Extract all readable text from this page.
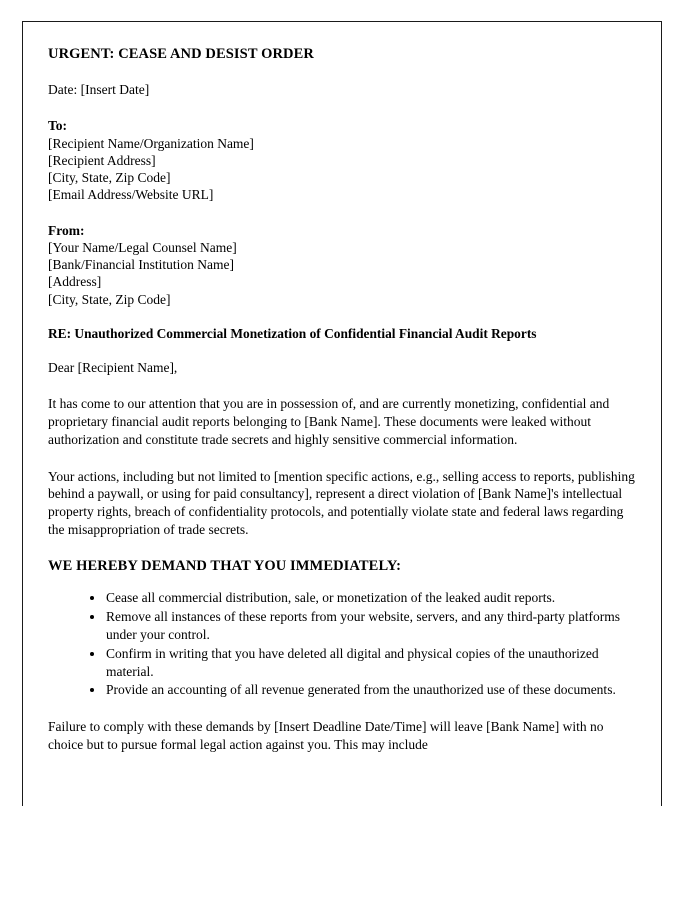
URGENT: CEASE AND DESIST ORDER

Date: [Insert Date]

To:
[Recipient Name/Organization Name]
[Recipient Address]
[City, State, Zip Code]
[Email Address/Website URL]
From:
[Your Name/Legal Counsel Name]
[Bank/Financial Institution Name]
[Address]
[City, State, Zip Code]

RE: Unauthorized Commercial Monetization of Confidential Financial Audit Reports

Dear [Recipient Name],

It has come to our attention that you are in possession of, and are currently monetizing, confidential and proprietary financial audit reports belonging to [Bank Name]. These documents were leaked without authorization and constitute trade secrets and highly sensitive commercial information.

Your actions, including but not limited to [mention specific actions, e.g., selling access to reports, publishing behind a paywall, or using for paid consultancy], represent a direct violation of [Bank Name]'s intellectual property rights, breach of confidentiality protocols, and potentially violate state and federal laws regarding the misappropriation of trade secrets.

WE HEREBY DEMAND THAT YOU IMMEDIATELY:
Cease all commercial distribution, sale, or monetization of the leaked audit reports.
Remove all instances of these reports from your website, servers, and any third-party platforms under your control.
Confirm in writing that you have deleted all digital and physical copies of the unauthorized material.
Provide an accounting of all revenue generated from the unauthorized use of these documents.

Failure to comply with these demands by [Insert Deadline Date/Time] will leave [Bank Name] with no choice but to pursue formal legal action against you. This may include
